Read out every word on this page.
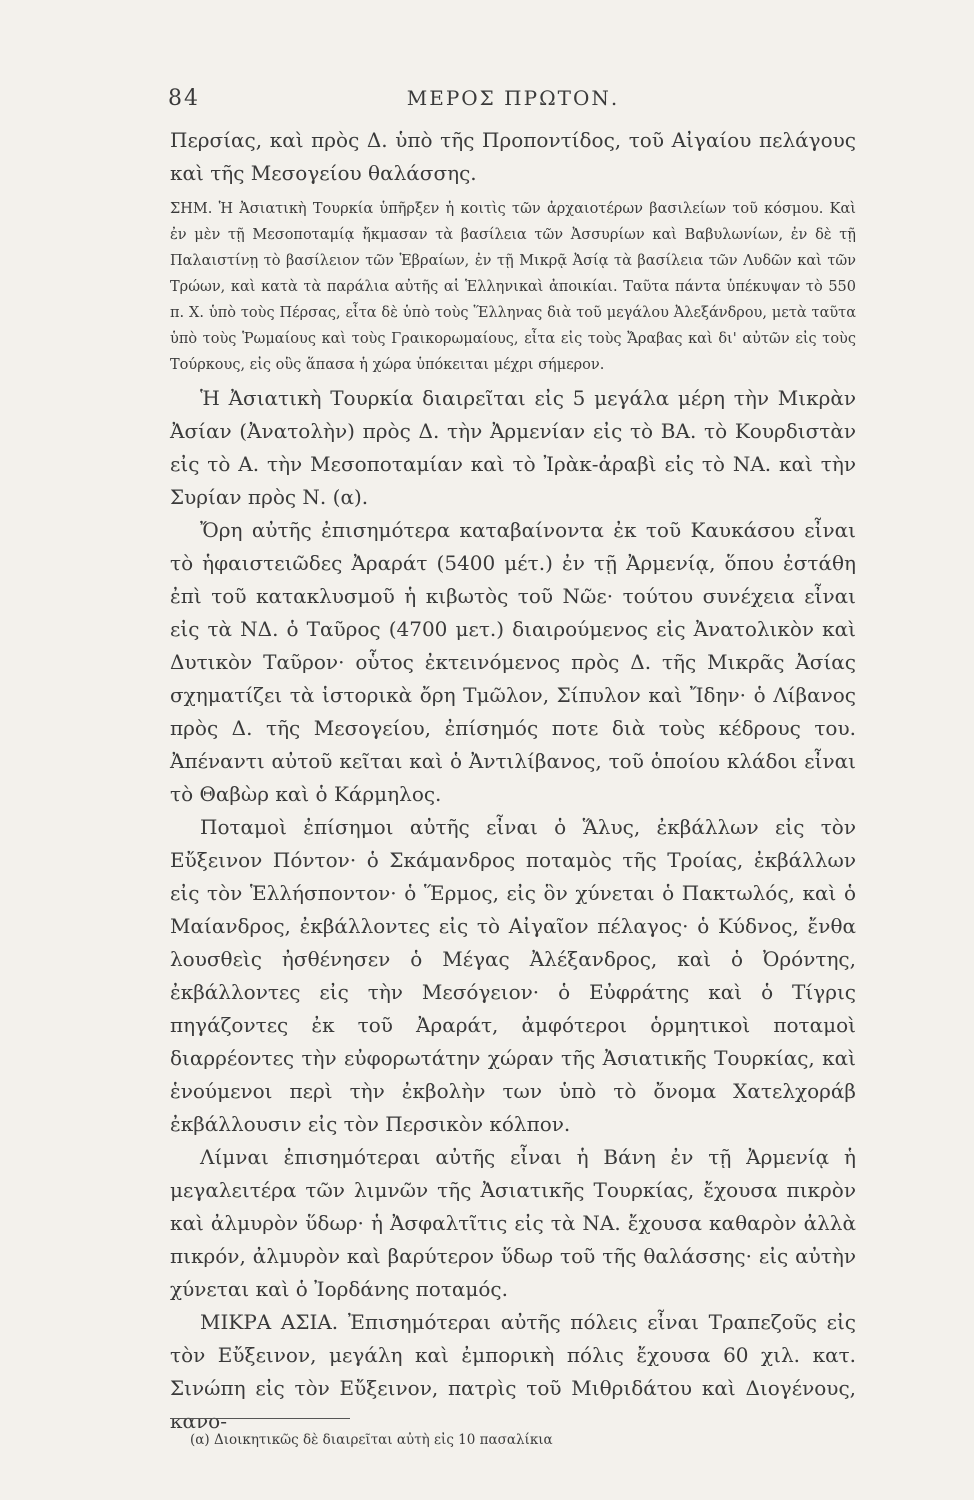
84	ΜΕΡΟΣ ΠΡΩΤΟΝ.

Περσίας, καὶ πρὸς Δ. ὑπὸ τῆς Προποντίδος, τοῦ Αἰγαίου πελάγους καὶ τῆς Μεσογείου θαλάσσης.

ΣΗΜ. Ἡ Ἀσιατικὴ Τουρκία ὑπῆρξεν ἡ κοιτὶς τῶν ἀρχαιοτέρων βασιλείων τοῦ κόσμου. Καὶ ἐν μὲν τῇ Μεσοποταμίᾳ ἤκμασαν τὰ βασίλεια τῶν Ἀσσυρίων καὶ Βαβυλωνίων, ἐν δὲ τῇ Παλαιστίνῃ τὸ βασίλειον τῶν Ἑβραίων, ἐν τῇ Μικρᾷ Ἀσίᾳ τὰ βασίλεια τῶν Λυδῶν καὶ τῶν Τρώων, καὶ κατὰ τὰ παράλια αὐτῆς αἱ Ἑλληνικαὶ ἀποικίαι. Ταῦτα πάντα ὑπέκυψαν τὸ 550 π. Χ. ὑπὸ τοὺς Πέρσας, εἶτα δὲ ὑπὸ τοὺς Ἕλληνας διὰ τοῦ μεγάλου Ἀλεξάνδρου, μετὰ ταῦτα ὑπὸ τοὺς Ῥωμαίους καὶ τοὺς Γραικορωμαίους, εἶτα εἰς τοὺς Ἄραβας καὶ δι' αὐτῶν εἰς τοὺς Τούρκους, εἰς οὓς ἅπασα ἡ χώρα ὑπόκειται μέχρι σήμερον.

Ἡ Ἀσιατικὴ Τουρκία διαιρεῖται εἰς 5 μεγάλα μέρη τὴν Μικρὰν Ἀσίαν (Ἀνατολὴν) πρὸς Δ. τὴν Ἀρμενίαν εἰς τὸ ΒΑ. τὸ Κουρδιστὰν εἰς τὸ Α. τὴν Μεσοποταμίαν καὶ τὸ Ἰρὰκ-ἀραβὶ εἰς τὸ ΝΑ. καὶ τὴν Συρίαν πρὸς Ν. (α).

Ὄρη αὐτῆς ἐπισημότερα καταβαίνοντα ἐκ τοῦ Καυκάσου εἶναι τὸ ἡφαιστειῶδες Ἀραράτ (5400 μέτ.) ἐν τῇ Ἀρμενίᾳ, ὅπου ἐστάθη ἐπὶ τοῦ κατακλυσμοῦ ἡ κιβωτὸς τοῦ Νῶε· τούτου συνέχεια εἶναι εἰς τὰ ΝΔ. ὁ Ταῦρος (4700 μετ.) διαιρούμενος εἰς Ἀνατολικὸν καὶ Δυτικὸν Ταῦρον· οὗτος ἐκτεινόμενος πρὸς Δ. τῆς Μικρᾶς Ἀσίας σχηματίζει τὰ ἱστορικὰ ὄρη Τμῶλον, Σίπυλον καὶ Ἴδην· ὁ Λίβανος πρὸς Δ. τῆς Μεσογείου, ἐπίσημός ποτε διὰ τοὺς κέδρους του. Ἀπέναντι αὐτοῦ κεῖται καὶ ὁ Ἀντιλίβανος, τοῦ ὁποίου κλάδοι εἶναι τὸ Θαβὼρ καὶ ὁ Κάρμηλος.

Ποταμοὶ ἐπίσημοι αὐτῆς εἶναι ὁ Ἅλυς, ἐκβάλλων εἰς τὸν Εὔξεινον Πόντον· ὁ Σκάμανδρος ποταμὸς τῆς Τροίας, ἐκβάλλων εἰς τὸν Ἑλλήσποντον· ὁ Ἕρμος, εἰς ὃν χύνεται ὁ Πακτωλός, καὶ ὁ Μαίανδρος, ἐκβάλλοντες εἰς τὸ Αἰγαῖον πέλαγος· ὁ Κύδνος, ἔνθα λουσθεὶς ἠσθένησεν ὁ Μέγας Ἀλέξανδρος, καὶ ὁ Ὀρόντης, ἐκβάλλοντες εἰς τὴν Μεσόγειον· ὁ Εὐφράτης καὶ ὁ Τίγρις πηγάζοντες ἐκ τοῦ Ἀραράτ, ἀμφότεροι ὁρμητικοὶ ποταμοὶ διαρρέοντες τὴν εὐφορωτάτην χώραν τῆς Ἀσιατικῆς Τουρκίας, καὶ ἑνούμενοι περὶ τὴν ἐκβολὴν των ὑπὸ τὸ ὄνομα Χατελχοράβ ἐκβάλλουσιν εἰς τὸν Περσικὸν κόλπον.

Λίμναι ἐπισημότεραι αὐτῆς εἶναι ἡ Βάνη ἐν τῇ Ἀρμενίᾳ ἡ μεγαλειτέρα τῶν λιμνῶν τῆς Ἀσιατικῆς Τουρκίας, ἔχουσα πικρὸν καὶ ἀλμυρὸν ὕδωρ· ἡ Ἀσφαλτῖτις εἰς τὰ ΝΑ. ἔχουσα καθαρὸν ἀλλὰ πικρόν, ἀλμυρὸν καὶ βαρύτερον ὕδωρ τοῦ τῆς θαλάσσης· εἰς αὐτὴν χύνεται καὶ ὁ Ἰορδάνης ποταμός.

ΜΙΚΡΑ ΑΣΙΑ. Ἐπισημότεραι αὐτῆς πόλεις εἶναι Τραπεζοῦς εἰς τὸν Εὔξεινον, μεγάλη καὶ ἐμπορικὴ πόλις ἔχουσα 60 χιλ. κατ. Σινώπη εἰς τὸν Εὔξεινον, πατρὶς τοῦ Μιθριδάτου καὶ Διογένους, κανο-

(α) Διοικητικῶς δὲ διαιρεῖται αὐτὴ εἰς 10 πασαλίκια
